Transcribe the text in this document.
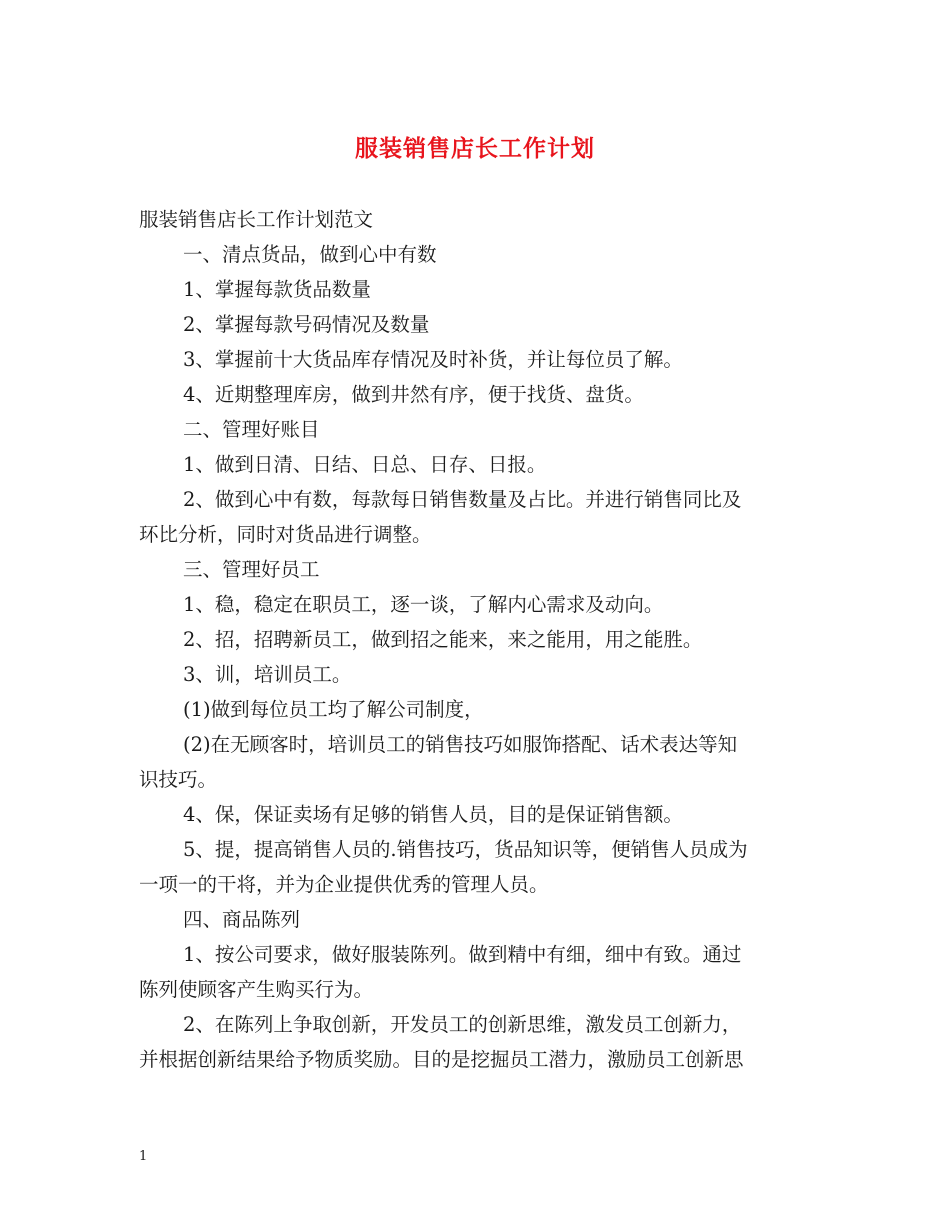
服装销售店长工作计划
服装销售店长工作计划范文
一、清点货品，做到心中有数
1、掌握每款货品数量
2、掌握每款号码情况及数量
3、掌握前十大货品库存情况及时补货，并让每位员了解。
4、近期整理库房，做到井然有序，便于找货、盘货。
二、管理好账目
1、做到日清、日结、日总、日存、日报。
2、做到心中有数，每款每日销售数量及占比。并进行销售同比及
环比分析，同时对货品进行调整。
三、管理好员工
1、稳，稳定在职员工，逐一谈，了解内心需求及动向。
2、招，招聘新员工，做到招之能来，来之能用，用之能胜。
3、训，培训员工。
(1)做到每位员工均了解公司制度，
(2)在无顾客时，培训员工的销售技巧如服饰搭配、话术表达等知
识技巧。
4、保，保证卖场有足够的销售人员，目的是保证销售额。
5、提，提高销售人员的.销售技巧，货品知识等，便销售人员成为
一项一的干将，并为企业提供优秀的管理人员。
四、商品陈列
1、按公司要求，做好服装陈列。做到精中有细，细中有致。通过
陈列使顾客产生购买行为。
2、在陈列上争取创新，开发员工的创新思维，激发员工创新力，
并根据创新结果给予物质奖励。目的是挖掘员工潜力，激励员工创新思
1
